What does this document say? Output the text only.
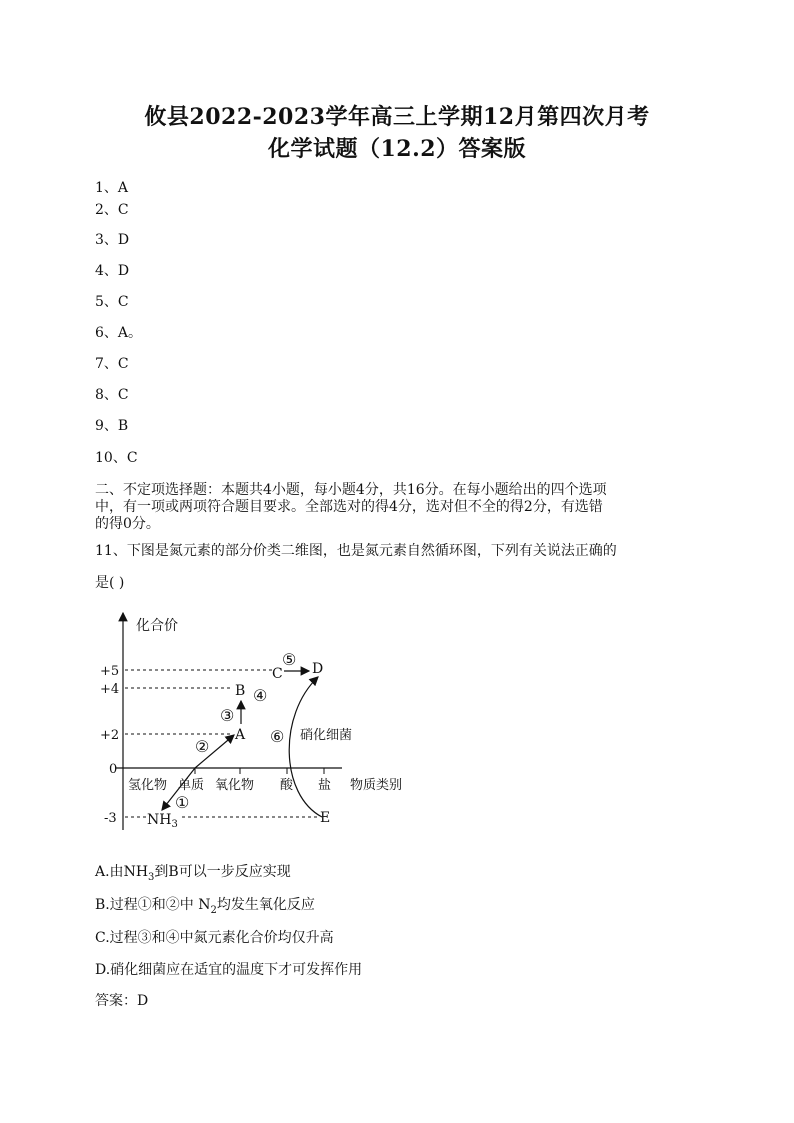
攸县2022-2023学年高三上学期12月第四次月考
化学试题（12.2）答案版
1、A
2、C
3、D
4、D
5、C
6、A。
7、C
8、C
9、B
10、C
二、不定项选择题：本题共4小题，每小题4分，共16分。在每小题给出的四个选项
中，有一项或两项符合题目要求。全部选对的得4分，选对但不全的得2分，有选错
的得0分。
11、下图是氮元素的部分价类二维图，也是氮元素自然循环图，下列有关说法正确的
是( )
化合价
+5
+4
+2
0
-3
氢化物 单质 氧化物 酸 盐 物质类别
A
B
C D
E
$NH_3$
①
②
③
④
⑤
⑥ 硝化细菌
A.由$NH_3$到B可以一步反应实现
B.过程①和②中 $N_2$均发生氧化反应
C.过程③和④中氮元素化合价均仅升高
D.硝化细菌应在适宜的温度下才可发挥作用
答案：D
